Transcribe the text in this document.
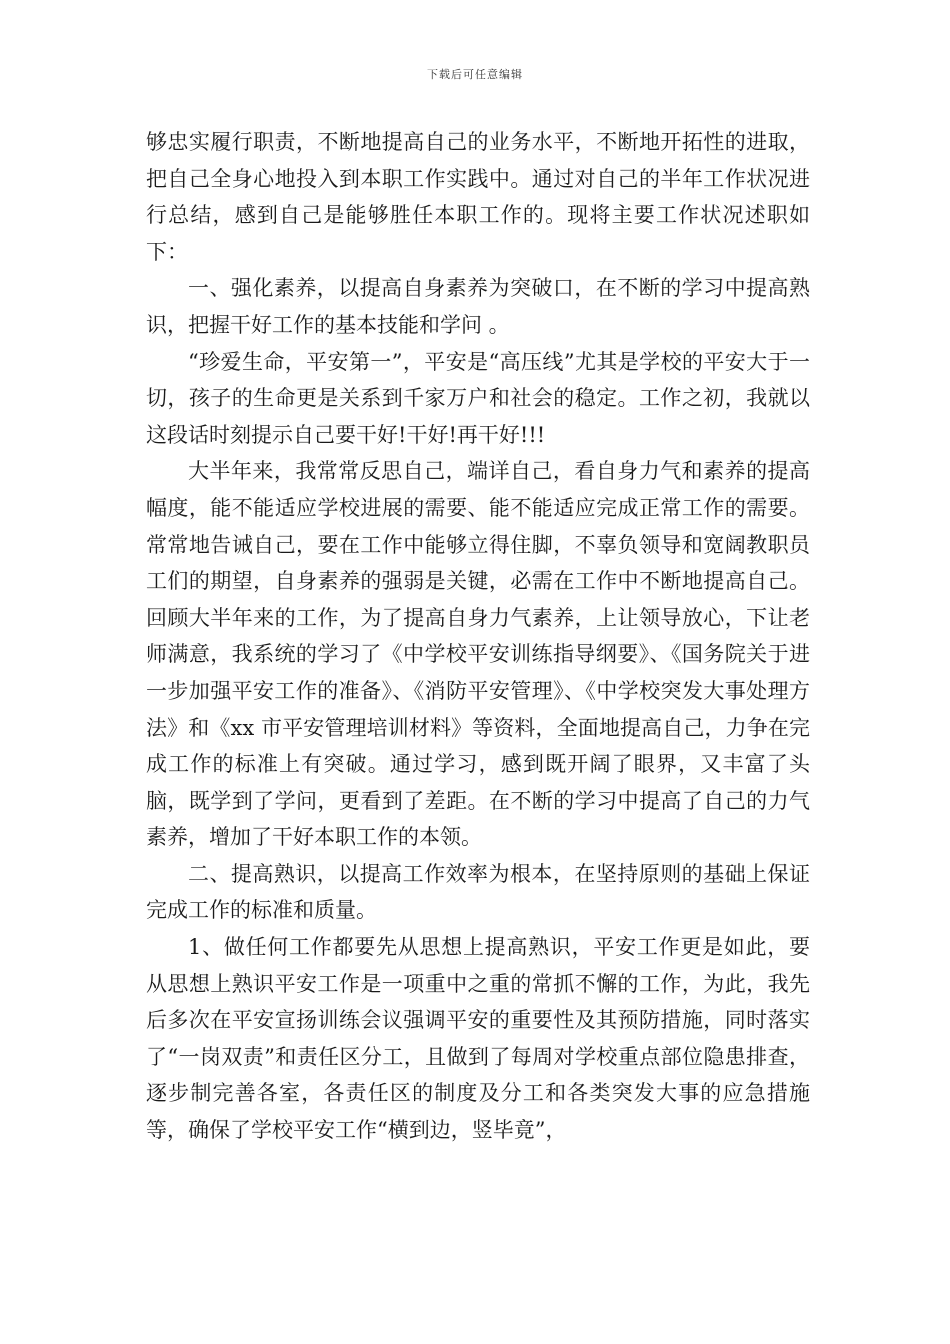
下载后可任意编辑

够忠实履行职责，不断地提高自己的业务水平，不断地开拓性的进取，把自己全身心地投入到本职工作实践中。通过对自己的半年工作状况进行总结，感到自己是能够胜任本职工作的。现将主要工作状况述职如下：

一、强化素养，以提高自身素养为突破口，在不断的学习中提高熟识，把握干好工作的基本技能和学问 。

“珍爱生命，平安第一”，平安是“高压线”尤其是学校的平安大于一切，孩子的生命更是关系到千家万户和社会的稳定。工作之初，我就以这段话时刻提示自己要干好!干好!再干好!!!

大半年来，我常常反思自己，端详自己，看自身力气和素养的提高幅度，能不能适应学校进展的需要、能不能适应完成正常工作的需要。常常地告诫自己，要在工作中能够立得住脚，不辜负领导和宽阔教职员工们的期望，自身素养的强弱是关键，必需在工作中不断地提高自己。回顾大半年来的工作，为了提高自身力气素养，上让领导放心，下让老师满意，我系统的学习了《中学校平安训练指导纲要》、《国务院关于进一步加强平安工作的准备》、《消防平安管理》、《中学校突发大事处理方法》和《xx 市平安管理培训材料》等资料，全面地提高自己，力争在完成工作的标准上有突破。通过学习，感到既开阔了眼界，又丰富了头脑，既学到了学问，更看到了差距。在不断的学习中提高了自己的力气素养，增加了干好本职工作的本领。

二、提高熟识，以提高工作效率为根本，在坚持原则的基础上保证完成工作的标准和质量。

1、做任何工作都要先从思想上提高熟识，平安工作更是如此，要从思想上熟识平安工作是一项重中之重的常抓不懈的工作，为此，我先后多次在平安宣扬训练会议强调平安的重要性及其预防措施，同时落实了“一岗双责”和责任区分工，且做到了每周对学校重点部位隐患排查，逐步制完善各室，各责任区的制度及分工和各类突发大事的应急措施等，确保了学校平安工作“横到边，竖毕竟”，
